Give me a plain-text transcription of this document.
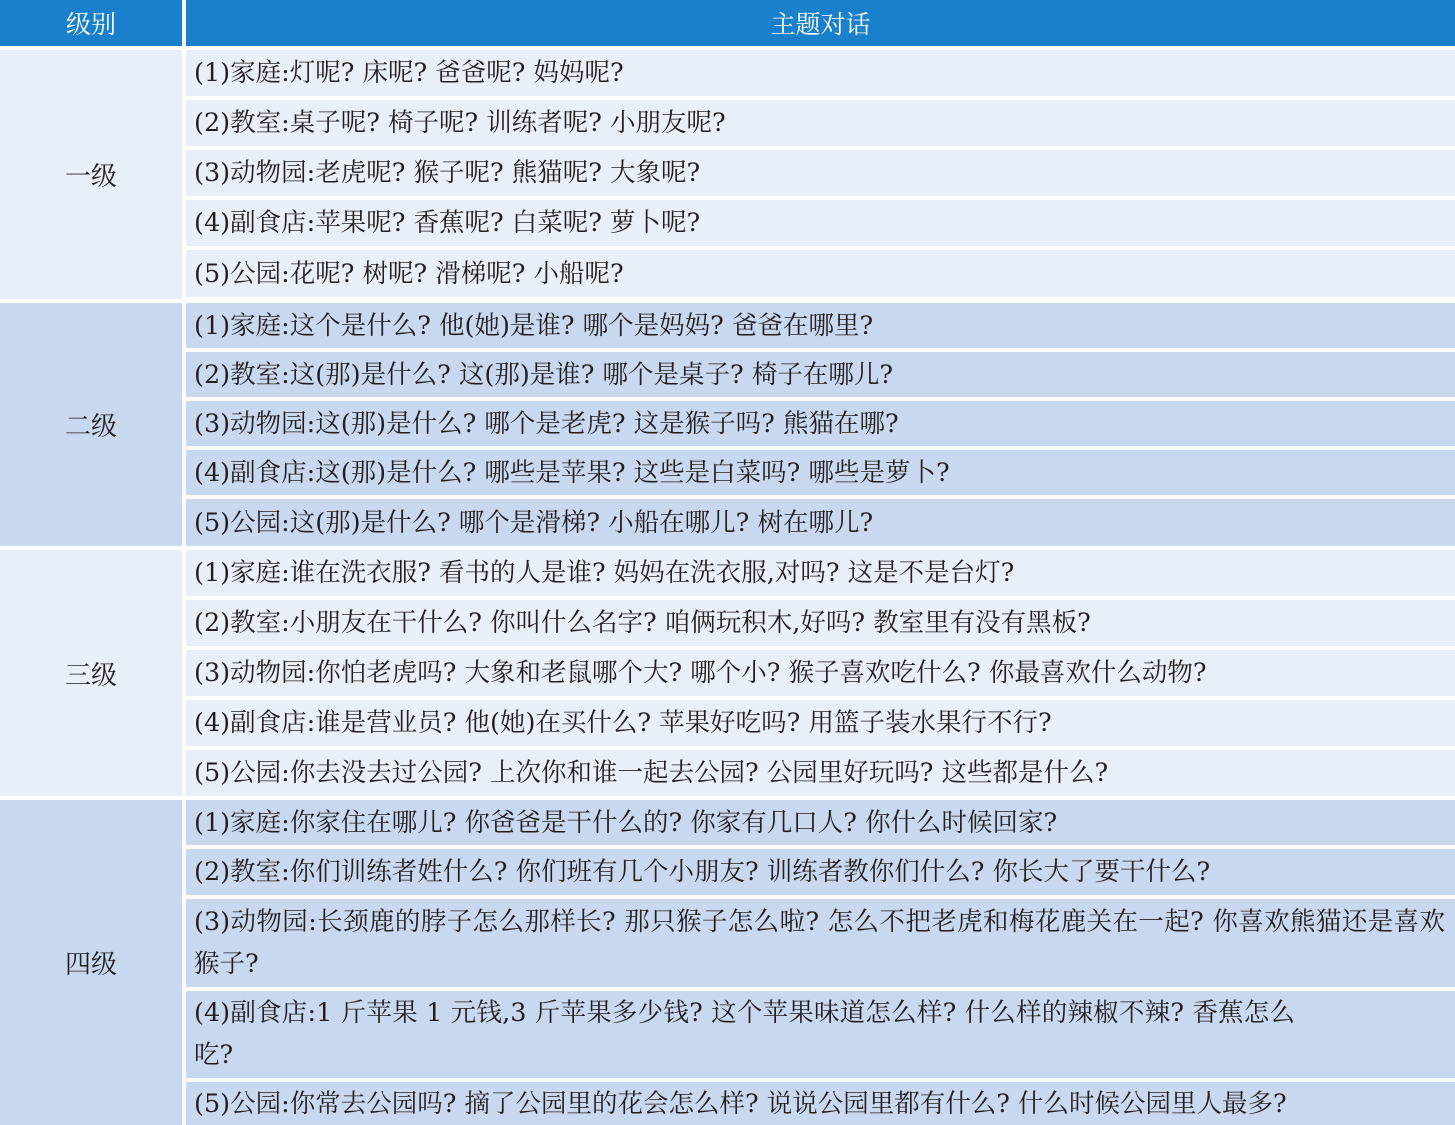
级别	主题对话
一级
(1)家庭:灯呢? 床呢? 爸爸呢? 妈妈呢?
(2)教室:桌子呢? 椅子呢? 训练者呢? 小朋友呢?
(3)动物园:老虎呢? 猴子呢? 熊猫呢? 大象呢?
(4)副食店:苹果呢? 香蕉呢? 白菜呢? 萝卜呢?
(5)公园:花呢? 树呢? 滑梯呢? 小船呢?
二级
(1)家庭:这个是什么? 他(她)是谁? 哪个是妈妈? 爸爸在哪里?
(2)教室:这(那)是什么? 这(那)是谁? 哪个是桌子? 椅子在哪儿?
(3)动物园:这(那)是什么? 哪个是老虎? 这是猴子吗? 熊猫在哪?
(4)副食店:这(那)是什么? 哪些是苹果? 这些是白菜吗? 哪些是萝卜?
(5)公园:这(那)是什么? 哪个是滑梯? 小船在哪儿? 树在哪儿?
三级
(1)家庭:谁在洗衣服? 看书的人是谁? 妈妈在洗衣服,对吗? 这是不是台灯?
(2)教室:小朋友在干什么? 你叫什么名字? 咱俩玩积木,好吗? 教室里有没有黑板?
(3)动物园:你怕老虎吗? 大象和老鼠哪个大? 哪个小? 猴子喜欢吃什么? 你最喜欢什么动物?
(4)副食店:谁是营业员? 他(她)在买什么? 苹果好吃吗? 用篮子装水果行不行?
(5)公园:你去没去过公园? 上次你和谁一起去公园? 公园里好玩吗? 这些都是什么?
四级
(1)家庭:你家住在哪儿? 你爸爸是干什么的? 你家有几口人? 你什么时候回家?
(2)教室:你们训练者姓什么? 你们班有几个小朋友? 训练者教你们什么? 你长大了要干什么?
(3)动物园:长颈鹿的脖子怎么那样长? 那只猴子怎么啦? 怎么不把老虎和梅花鹿关在一起? 你喜欢熊猫还是喜欢猴子?
(4)副食店:1 斤苹果 1 元钱,3 斤苹果多少钱? 这个苹果味道怎么样? 什么样的辣椒不辣? 香蕉怎么吃?
(5)公园:你常去公园吗? 摘了公园里的花会怎么样? 说说公园里都有什么? 什么时候公园里人最多?
